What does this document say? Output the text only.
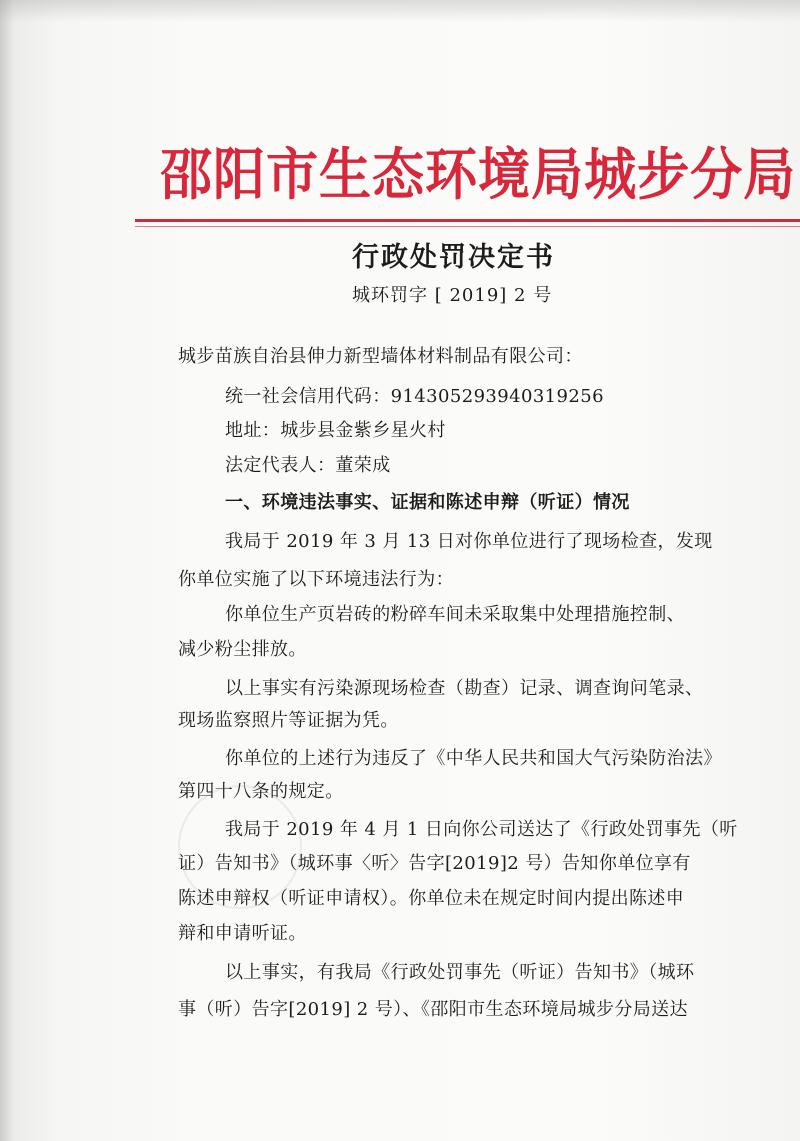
邵阳市生态环境局城步分局
行政处罚决定书
城环罚字 [ 2019] 2 号
城步苗族自治县伸力新型墙体材料制品有限公司：
统一社会信用代码：914305293940319256
地址：城步县金紫乡星火村
法定代表人：董荣成
一、环境违法事实、证据和陈述申辩（听证）情况
我局于 2019 年 3 月 13 日对你单位进行了现场检查，发现
你单位实施了以下环境违法行为：
你单位生产页岩砖的粉碎车间未采取集中处理措施控制、
减少粉尘排放。
以上事实有污染源现场检查（勘查）记录、调查询问笔录、
现场监察照片等证据为凭。
你单位的上述行为违反了《中华人民共和国大气污染防治法》
第四十八条的规定。
我局于 2019 年 4 月 1 日向你公司送达了《行政处罚事先（听
证）告知书》（城环事〈听〉告字[2019]2 号）告知你单位享有
陈述申辩权（听证申请权）。你单位未在规定时间内提出陈述申
辩和申请听证。
以上事实，有我局《行政处罚事先（听证）告知书》（城环
事（听）告字[2019] 2 号）、《邵阳市生态环境局城步分局送达
